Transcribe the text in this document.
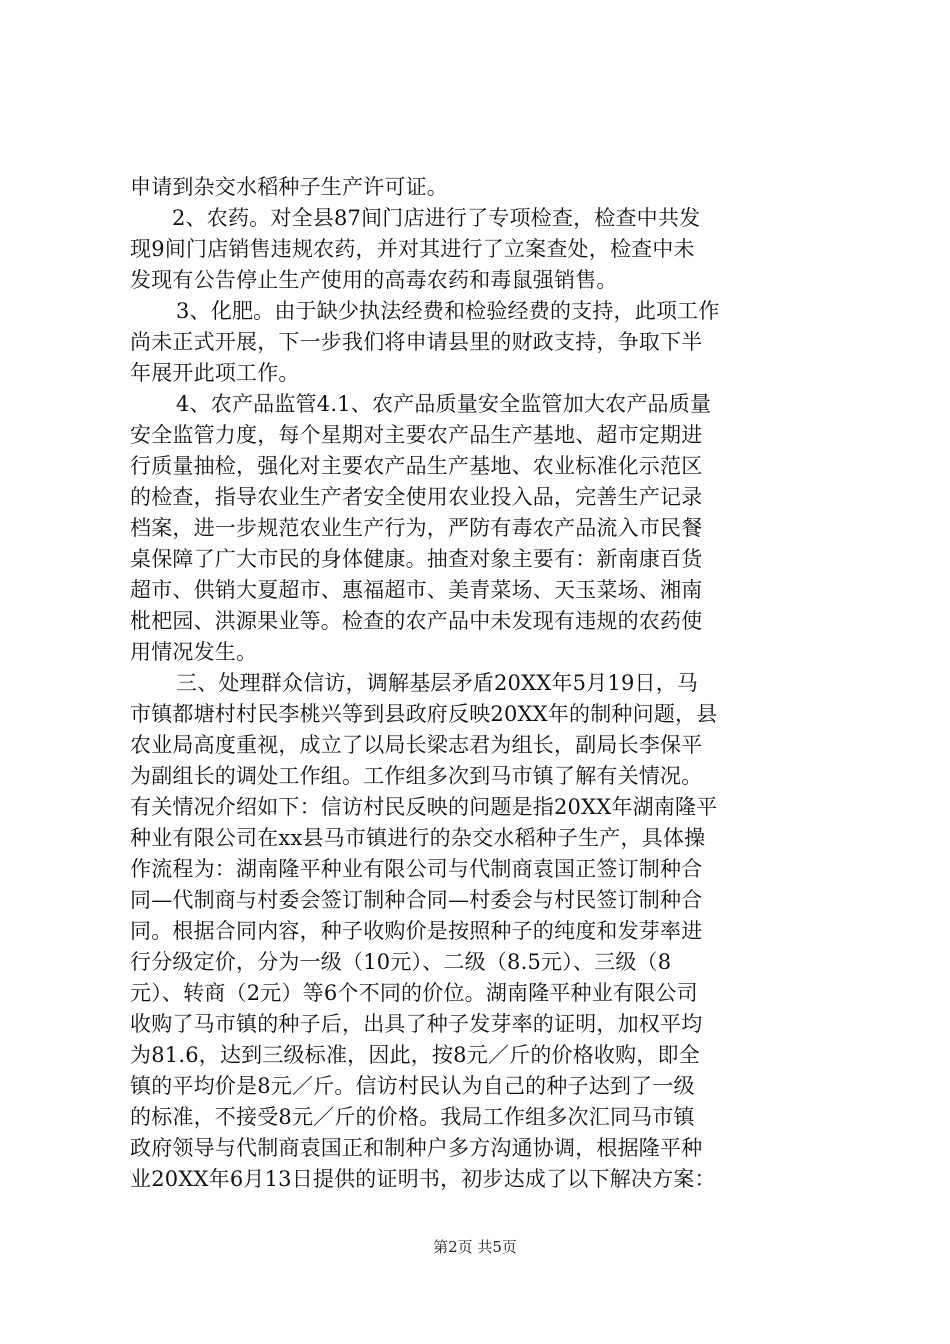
申请到杂交水稻种子生产许可证。
2、农药。对全县87间门店进行了专项检查，检查中共发
现9间门店销售违规农药，并对其进行了立案查处，检查中未
发现有公告停止生产使用的高毒农药和毒鼠强销售。
3、化肥。由于缺少执法经费和检验经费的支持，此项工作
尚未正式开展，下一步我们将申请县里的财政支持，争取下半
年展开此项工作。
4、农产品监管4.1、农产品质量安全监管加大农产品质量
安全监管力度，每个星期对主要农产品生产基地、超市定期进
行质量抽检，强化对主要农产品生产基地、农业标准化示范区
的检查，指导农业生产者安全使用农业投入品，完善生产记录
档案，进一步规范农业生产行为，严防有毒农产品流入市民餐
桌保障了广大市民的身体健康。抽查对象主要有：新南康百货
超市、供销大夏超市、惠福超市、美青菜场、天玉菜场、湘南
枇杷园、洪源果业等。检查的农产品中未发现有违规的农药使
用情况发生。
三、处理群众信访，调解基层矛盾20XX年5月19日，马
市镇都塘村村民李桃兴等到县政府反映20XX年的制种问题，县
农业局高度重视，成立了以局长梁志君为组长，副局长李保平
为副组长的调处工作组。工作组多次到马市镇了解有关情况。
有关情况介绍如下：信访村民反映的问题是指20XX年湖南隆平
种业有限公司在xx县马市镇进行的杂交水稻种子生产，具体操
作流程为：湖南隆平种业有限公司与代制商袁国正签订制种合
同—代制商与村委会签订制种合同—村委会与村民签订制种合
同。根据合同内容，种子收购价是按照种子的纯度和发芽率进
行分级定价，分为一级（10元）、二级（8.5元）、三级（8
元）、转商（2元）等6个不同的价位。湖南隆平种业有限公司
收购了马市镇的种子后，出具了种子发芽率的证明，加权平均
为81.6，达到三级标准，因此，按8元／斤的价格收购，即全
镇的平均价是8元／斤。信访村民认为自己的种子达到了一级
的标准，不接受8元／斤的价格。我局工作组多次汇同马市镇
政府领导与代制商袁国正和制种户多方沟通协调，根据隆平种
业20XX年6月13日提供的证明书，初步达成了以下解决方案：
第2页 共5页
